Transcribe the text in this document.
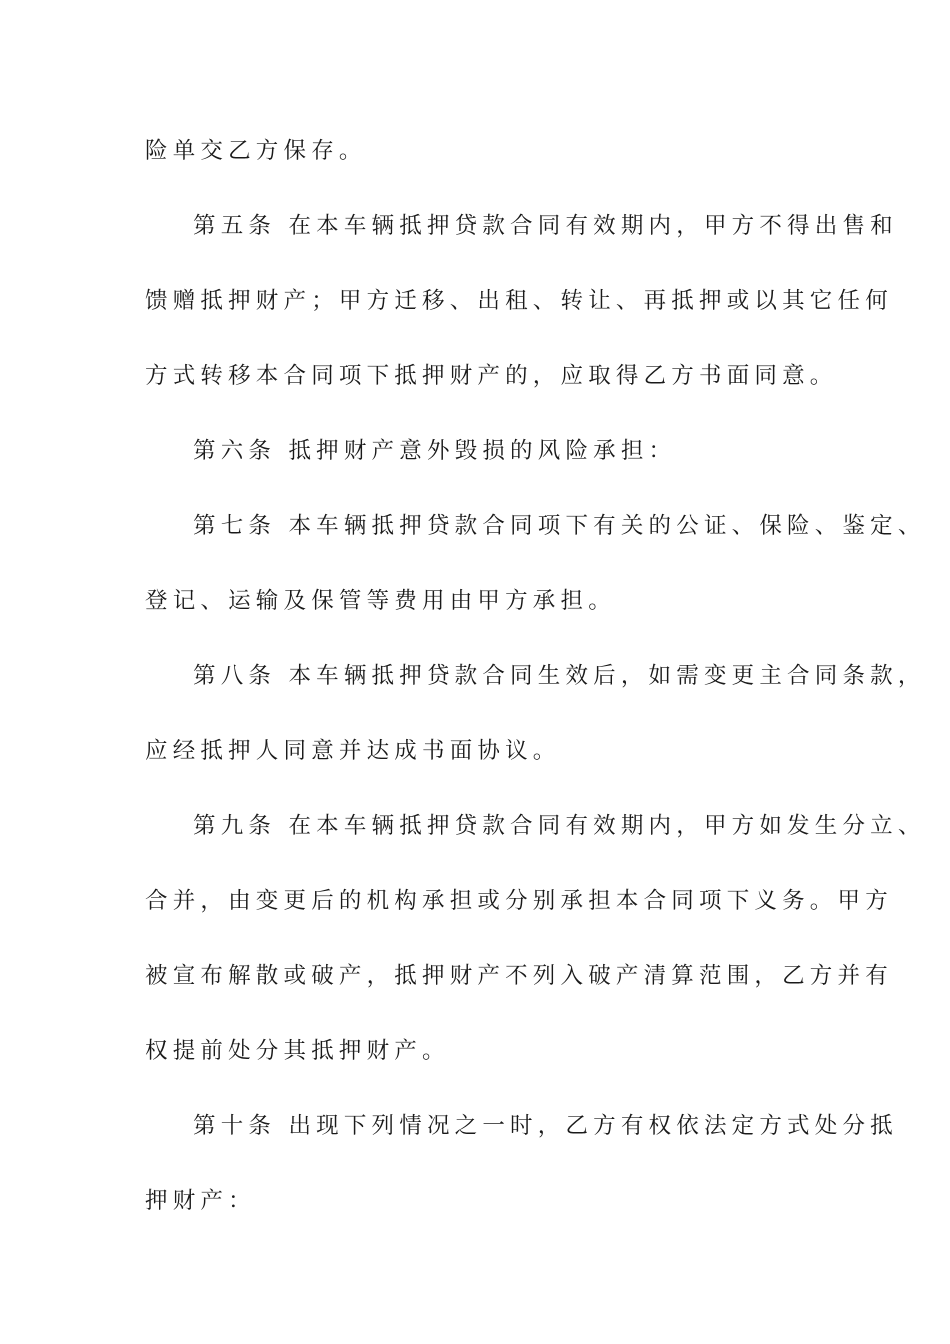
险单交乙方保存。
第五条 在本车辆抵押贷款合同有效期内，甲方不得出售和
馈赠抵押财产；甲方迁移、出租、转让、再抵押或以其它任何
方式转移本合同项下抵押财产的，应取得乙方书面同意。
第六条 抵押财产意外毁损的风险承担：
第七条 本车辆抵押贷款合同项下有关的公证、保险、鉴定、
登记、运输及保管等费用由甲方承担。
第八条 本车辆抵押贷款合同生效后，如需变更主合同条款，
应经抵押人同意并达成书面协议。
第九条 在本车辆抵押贷款合同有效期内，甲方如发生分立、
合并，由变更后的机构承担或分别承担本合同项下义务。甲方
被宣布解散或破产，抵押财产不列入破产清算范围，乙方并有
权提前处分其抵押财产。
第十条 出现下列情况之一时，乙方有权依法定方式处分抵
押财产：
